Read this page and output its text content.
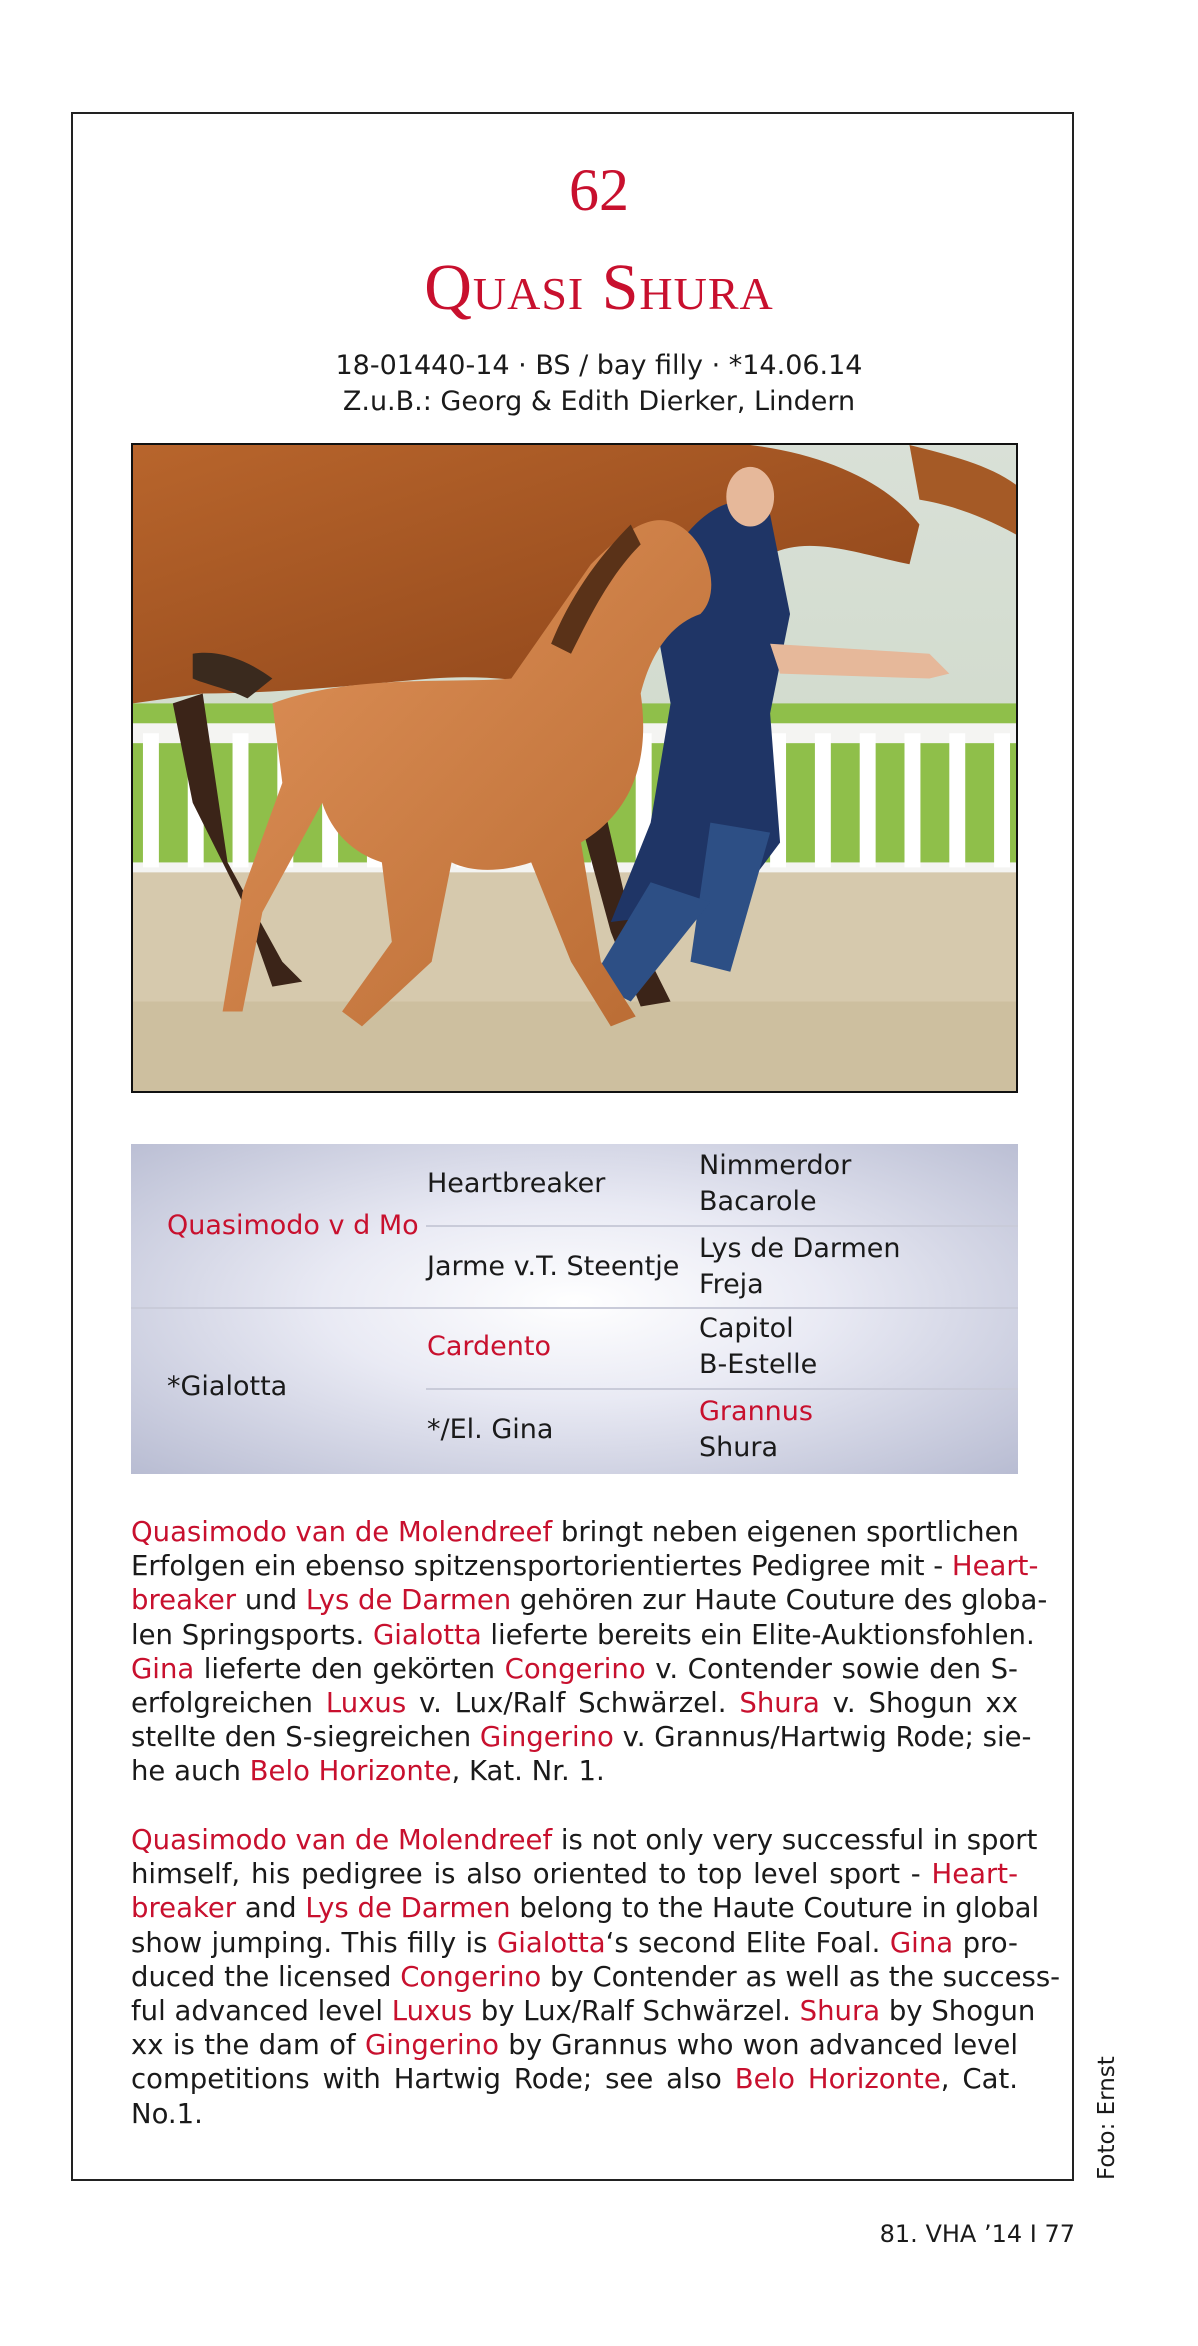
62
Quasi Shura
18-01440-14 · BS / bay filly · *14.06.14
Z.u.B.: Georg & Edith Dierker, Lindern
Quasimodo v d Mo
Heartbreaker
Nimmerdor
Bacarole
Jarme v.T. Steentje
Lys de Darmen
Freja
*Gialotta
Cardento
Capitol
B-Estelle
*/El. Gina
Grannus
Shura
Quasimodo van de Molendreef bringt neben eigenen sportlichen
Erfolgen ein ebenso spitzensportorientiertes Pedigree mit - Heart-
breaker und Lys de Darmen gehören zur Haute Couture des globa-
len Springsports. Gialotta lieferte bereits ein Elite-Auktionsfohlen.
Gina lieferte den gekörten Congerino v. Contender sowie den S-
erfolgreichen Luxus v. Lux/Ralf Schwärzel. Shura v. Shogun xx
stellte den S-siegreichen Gingerino v. Grannus/Hartwig Rode; sie-
he auch Belo Horizonte, Kat. Nr. 1.
Quasimodo van de Molendreef is not only very successful in sport
himself, his pedigree is also oriented to top level sport - Heart-
breaker and Lys de Darmen belong to the Haute Couture in global
show jumping. This filly is Gialotta‘s second Elite Foal. Gina pro-
duced the licensed Congerino by Contender as well as the success-
ful advanced level Luxus by Lux/Ralf Schwärzel. Shura by Shogun
xx is the dam of Gingerino by Grannus who won advanced level
competitions with Hartwig Rode; see also Belo Horizonte, Cat.
No.1.	Foto: Ernst
81. VHA ’14 I 77
